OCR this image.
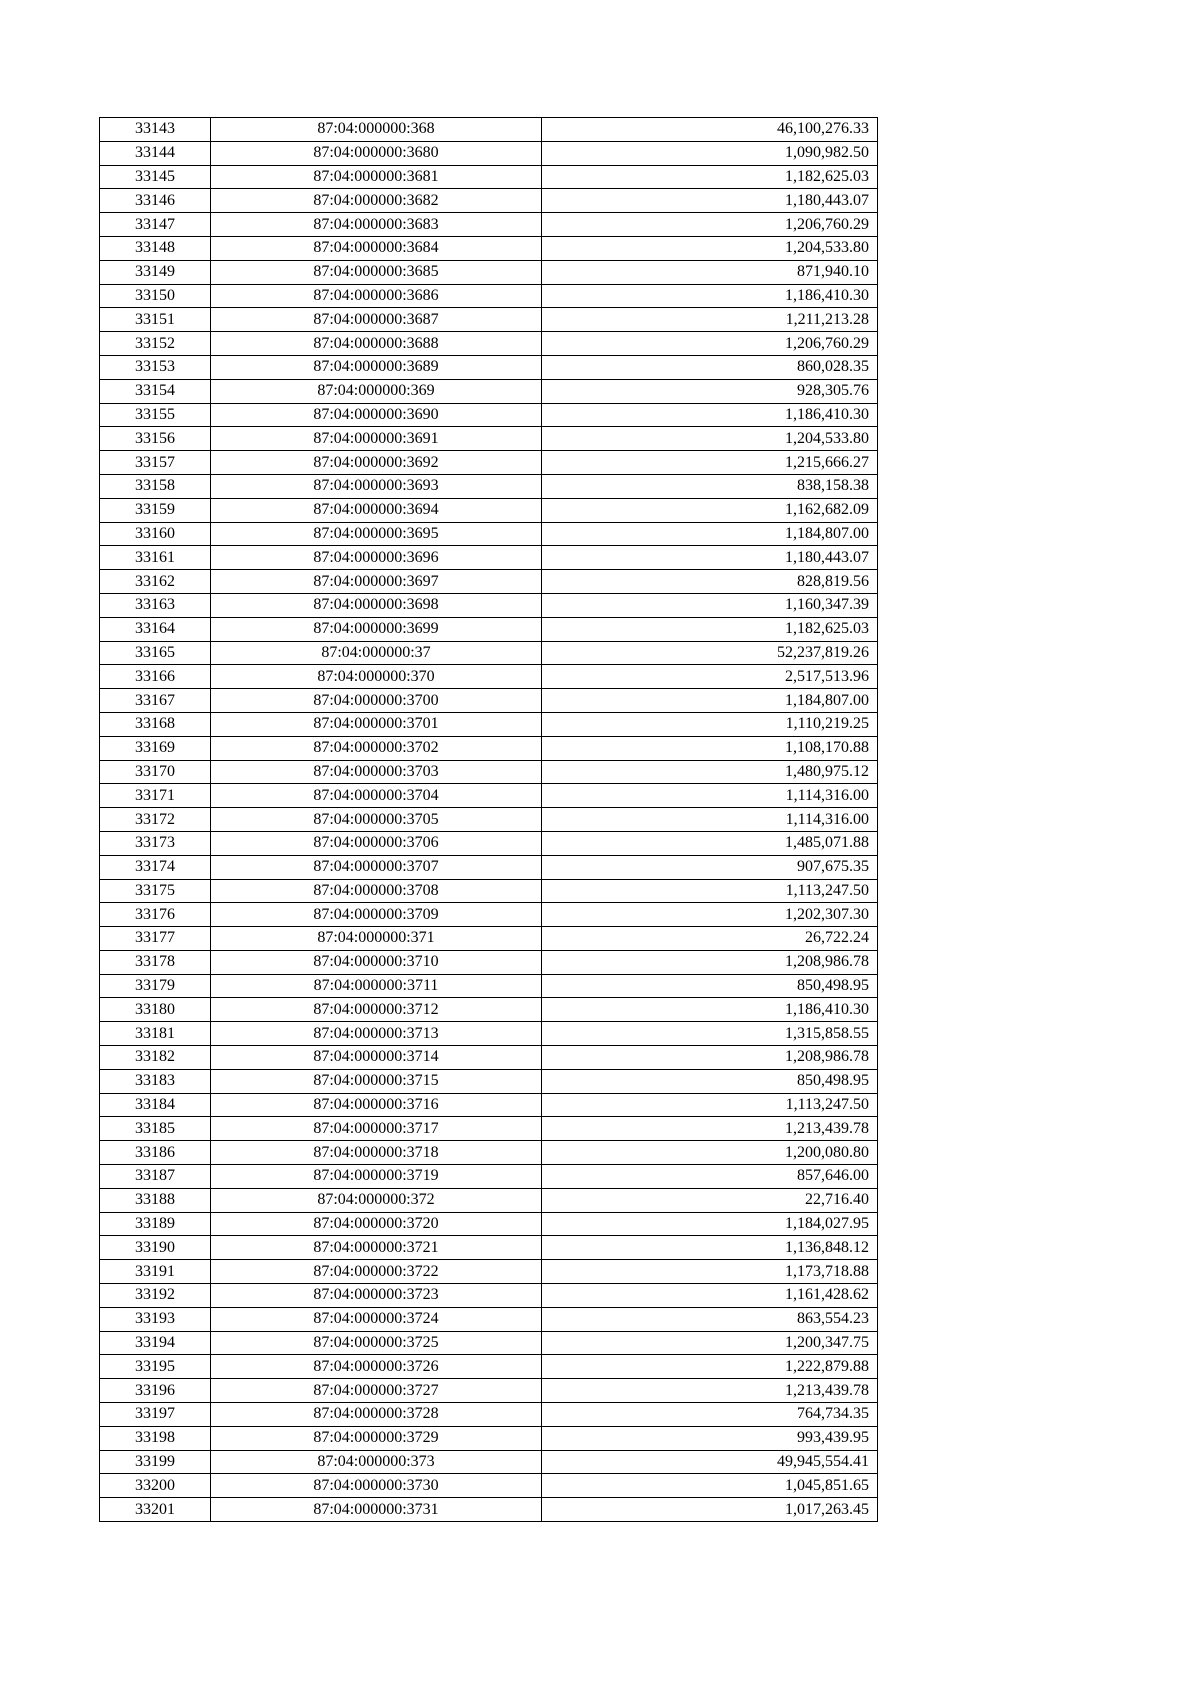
33143	87:04:000000:368	46,100,276.33
33144	87:04:000000:3680	1,090,982.50
33145	87:04:000000:3681	1,182,625.03
33146	87:04:000000:3682	1,180,443.07
33147	87:04:000000:3683	1,206,760.29
33148	87:04:000000:3684	1,204,533.80
33149	87:04:000000:3685	871,940.10
33150	87:04:000000:3686	1,186,410.30
33151	87:04:000000:3687	1,211,213.28
33152	87:04:000000:3688	1,206,760.29
33153	87:04:000000:3689	860,028.35
33154	87:04:000000:369	928,305.76
33155	87:04:000000:3690	1,186,410.30
33156	87:04:000000:3691	1,204,533.80
33157	87:04:000000:3692	1,215,666.27
33158	87:04:000000:3693	838,158.38
33159	87:04:000000:3694	1,162,682.09
33160	87:04:000000:3695	1,184,807.00
33161	87:04:000000:3696	1,180,443.07
33162	87:04:000000:3697	828,819.56
33163	87:04:000000:3698	1,160,347.39
33164	87:04:000000:3699	1,182,625.03
33165	87:04:000000:37	52,237,819.26
33166	87:04:000000:370	2,517,513.96
33167	87:04:000000:3700	1,184,807.00
33168	87:04:000000:3701	1,110,219.25
33169	87:04:000000:3702	1,108,170.88
33170	87:04:000000:3703	1,480,975.12
33171	87:04:000000:3704	1,114,316.00
33172	87:04:000000:3705	1,114,316.00
33173	87:04:000000:3706	1,485,071.88
33174	87:04:000000:3707	907,675.35
33175	87:04:000000:3708	1,113,247.50
33176	87:04:000000:3709	1,202,307.30
33177	87:04:000000:371	26,722.24
33178	87:04:000000:3710	1,208,986.78
33179	87:04:000000:3711	850,498.95
33180	87:04:000000:3712	1,186,410.30
33181	87:04:000000:3713	1,315,858.55
33182	87:04:000000:3714	1,208,986.78
33183	87:04:000000:3715	850,498.95
33184	87:04:000000:3716	1,113,247.50
33185	87:04:000000:3717	1,213,439.78
33186	87:04:000000:3718	1,200,080.80
33187	87:04:000000:3719	857,646.00
33188	87:04:000000:372	22,716.40
33189	87:04:000000:3720	1,184,027.95
33190	87:04:000000:3721	1,136,848.12
33191	87:04:000000:3722	1,173,718.88
33192	87:04:000000:3723	1,161,428.62
33193	87:04:000000:3724	863,554.23
33194	87:04:000000:3725	1,200,347.75
33195	87:04:000000:3726	1,222,879.88
33196	87:04:000000:3727	1,213,439.78
33197	87:04:000000:3728	764,734.35
33198	87:04:000000:3729	993,439.95
33199	87:04:000000:373	49,945,554.41
33200	87:04:000000:3730	1,045,851.65
33201	87:04:000000:3731	1,017,263.45
